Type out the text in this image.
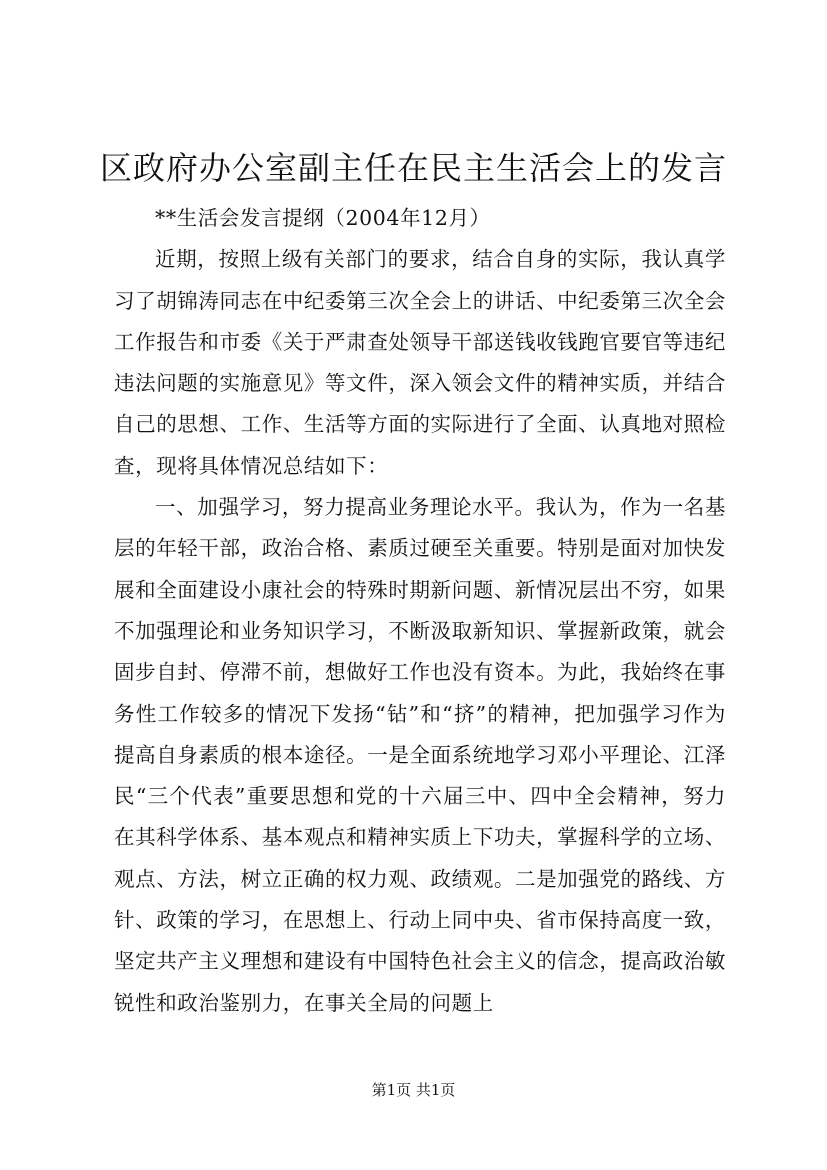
区政府办公室副主任在民主生活会上的发言

**生活会发言提纲（2004年12月）

近期，按照上级有关部门的要求，结合自身的实际，我认真学习了胡锦涛同志在中纪委第三次全会上的讲话、中纪委第三次全会工作报告和市委《关于严肃查处领导干部送钱收钱跑官要官等违纪违法问题的实施意见》等文件，深入领会文件的精神实质，并结合自己的思想、工作、生活等方面的实际进行了全面、认真地对照检查，现将具体情况总结如下：

一、加强学习，努力提高业务理论水平。我认为，作为一名基层的年轻干部，政治合格、素质过硬至关重要。特别是面对加快发展和全面建设小康社会的特殊时期新问题、新情况层出不穷，如果不加强理论和业务知识学习，不断汲取新知识、掌握新政策，就会固步自封、停滞不前，想做好工作也没有资本。为此，我始终在事务性工作较多的情况下发扬“钻”和“挤”的精神，把加强学习作为提高自身素质的根本途径。一是全面系统地学习邓小平理论、江泽民“三个代表”重要思想和党的十六届三中、四中全会精神，努力在其科学体系、基本观点和精神实质上下功夫，掌握科学的立场、观点、方法，树立正确的权力观、政绩观。二是加强党的路线、方针、政策的学习，在思想上、行动上同中央、省市保持高度一致，坚定共产主义理想和建设有中国特色社会主义的信念，提高政治敏锐性和政治鉴别力，在事关全局的问题上

第1页 共1页
